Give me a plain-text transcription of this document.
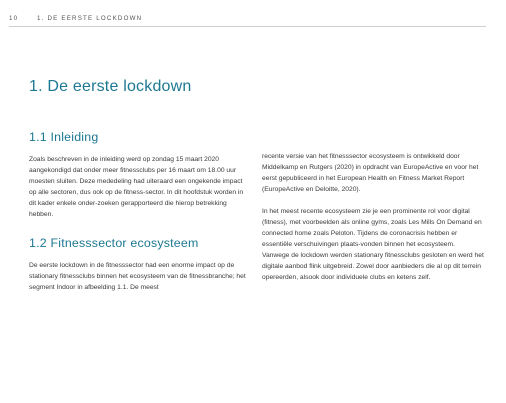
10	1. DE EERSTE LOCKDOWN
1. De eerste lockdown
1.1 Inleiding

Zoals beschreven in de inleiding werd op zondag 15 maart 2020 aangekondigd dat onder meer fitnessclubs per 16 maart om 18.00 uur moesten sluiten. Deze mededeling had uiteraard een ongekende impact op alle sectoren, dus ook op de fitness-sector. In dit hoofdstuk worden in dit kader enkele onder-zoeken gerapporteerd die hierop betrekking hebben.

1.2 Fitnesssector ecosysteem

De eerste lockdown in de fitnesssector had een enorme impact op de stationary fitnessclubs binnen het ecosysteem van de fitnessbranche; het segment Indoor in afbeelding 1.1. De meest

recente versie van het fitnesssector ecosysteem is ontwikkeld door Middelkamp en Rutgers (2020) in opdracht van EuropeActive en voor het eerst gepubliceerd in het European Health en Fitness Market Report (EuropeActive en Deloitte, 2020).

In het meest recente ecosysteem zie je een prominente rol voor digital (fitness), met voorbeelden als online gyms, zoals Les Mills On Demand en connected home zoals Peloton. Tijdens de coronacrisis hebben er essentiële verschuivingen plaats-vonden binnen het ecosysteem. Vanwege de lockdown werden stationary fitnessclubs gesloten en werd het digitale aanbod flink uitgebreid. Zowel door aanbieders die al op dit terrein opereerden, alsook door individuele clubs en ketens zelf.
